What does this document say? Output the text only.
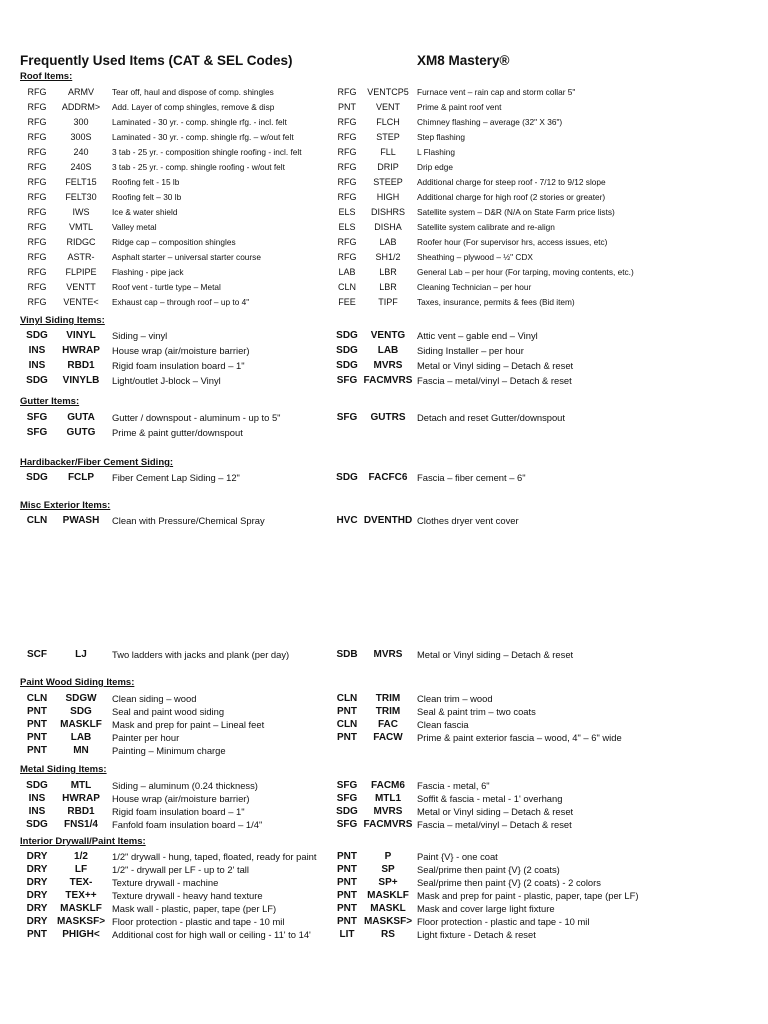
Frequently Used Items (CAT & SEL Codes)	XM8 Mastery®
Roof Items:
RFG	ARMV	Tear off, haul and dispose of comp. shingles	RFG	VENTCP5 Furnace vent – rain cap and storm collar 5"
RFG	ADDRM>	Add. Layer of comp shingles, remove & disp	PNT	VENT	Prime & paint roof vent
RFG	300	Laminated - 30 yr. - comp. shingle rfg. - incl. felt	RFG	FLCH	Chimney flashing – average (32" X 36")
RFG	300S	Laminated - 30 yr. - comp. shingle rfg. – w/out felt	RFG	STEP	Step flashing
RFG	240	3 tab - 25 yr. - composition shingle roofing - incl. felt	RFG	FLL	L Flashing
RFG	240S	3 tab - 25 yr. - comp. shingle roofing - w/out felt	RFG	DRIP	Drip edge
RFG	FELT15	Roofing felt - 15 lb	RFG	STEEP	Additional charge for steep roof - 7/12 to 9/12 slope
RFG	FELT30	Roofing felt – 30 lb	RFG	HIGH	Additional charge for high roof (2 stories or greater)
RFG	IWS	Ice & water shield	ELS	DISHRS	Satellite system – D&R (N/A on State Farm price lists)
RFG	VMTL	Valley metal	ELS	DISHA	Satellite system calibrate and re-align
RFG	RIDGC	Ridge cap – composition shingles	RFG	LAB	Roofer hour (For supervisor hrs, access issues, etc)
RFG	ASTR-	Asphalt starter – universal starter course	RFG	SH1/2	Sheathing – plywood – ½" CDX
RFG	FLPIPE	Flashing - pipe jack	LAB	LBR	General Lab – per hour (For tarping, moving contents, etc.)
RFG	VENTT	Roof vent - turtle type – Metal	CLN	LBR	Cleaning Technician – per hour
RFG	VENTE<	Exhaust cap – through roof – up to 4"	FEE	TIPF	Taxes, insurance, permits & fees (Bid item)
Vinyl Siding Items:
SDG	VINYL	Siding – vinyl	SDG	VENTG	Attic vent – gable end – Vinyl
INS	HWRAP	House wrap (air/moisture barrier)	SDG	LAB	Siding Installer – per hour
INS	RBD1	Rigid foam insulation board – 1"	SDG	MVRS	Metal or Vinyl siding – Detach & reset
SDG	VINYLB	Light/outlet J-block – Vinyl	SFG FACMVRS Fascia – metal/vinyl – Detach & reset
Gutter Items:
SFG	GUTA	Gutter / downspout - aluminum - up to 5"	SFG	GUTRS	Detach and reset Gutter/downspout
SFG	GUTG	Prime & paint gutter/downspout
Hardibacker/Fiber Cement Siding:
SDG	FCLP	Fiber Cement Lap Siding – 12"	SDG	FACFC6	Fascia – fiber cement – 6"
Misc Exterior Items:
CLN	PWASH	Clean with Pressure/Chemical Spray	HVC DVENTHD Clothes dryer vent cover
SCF	LJ	Two ladders with jacks and plank (per day)	SDB	MVRS	Metal or Vinyl siding – Detach & reset
Paint Wood Siding Items:
CLN	SDGW	Clean siding – wood	CLN	TRIM	Clean trim – wood
PNT	SDG	Seal and paint wood siding	PNT	TRIM	Seal & paint trim – two coats
PNT	MASKLF	Mask and prep for paint – Lineal feet	CLN	FAC	Clean fascia
PNT	LAB	Painter per hour	PNT	FACW	Prime & paint exterior fascia – wood, 4" – 6" wide
PNT	MN	Painting – Minimum charge
Metal Siding Items:
SDG	MTL	Siding – aluminum (0.24 thickness)	SFG	FACM6	Fascia - metal, 6"
INS	HWRAP	House wrap (air/moisture barrier)	SFG	MTL1	Soffit & fascia - metal - 1' overhang
INS	RBD1	Rigid foam insulation board – 1"	SDG	MVRS	Metal or Vinyl siding – Detach & reset
SDG	FNS1/4	Fanfold foam insulation board – 1/4"	SFG FACMVRS Fascia – metal/vinyl – Detach & reset
Interior Drywall/Paint Items:
DRY	1/2	1/2" drywall - hung, taped, floated, ready for paint	PNT	P	Paint {V} - one coat
DRY	LF	1/2" - drywall per LF - up to 2' tall	PNT	SP	Seal/prime then paint {V} (2 coats)
DRY	TEX-	Texture drywall - machine	PNT	SP+	Seal/prime then paint {V} (2 coats) - 2 colors
DRY	TEX++	Texture drywall - heavy hand texture	PNT	MASKLF Mask and prep for paint - plastic, paper, tape (per LF)
DRY	MASKLF	Mask wall - plastic, paper, tape (per LF)	PNT	MASKL	Mask and cover large light fixture
DRY MASKSF> Floor protection - plastic and tape - 10 mil	PNT MASKSF> Floor protection - plastic and tape - 10 mil
PNT	PHIGH<	Additional cost for high wall or ceiling - 11' to 14'	LIT	RS	Light fixture - Detach & reset
